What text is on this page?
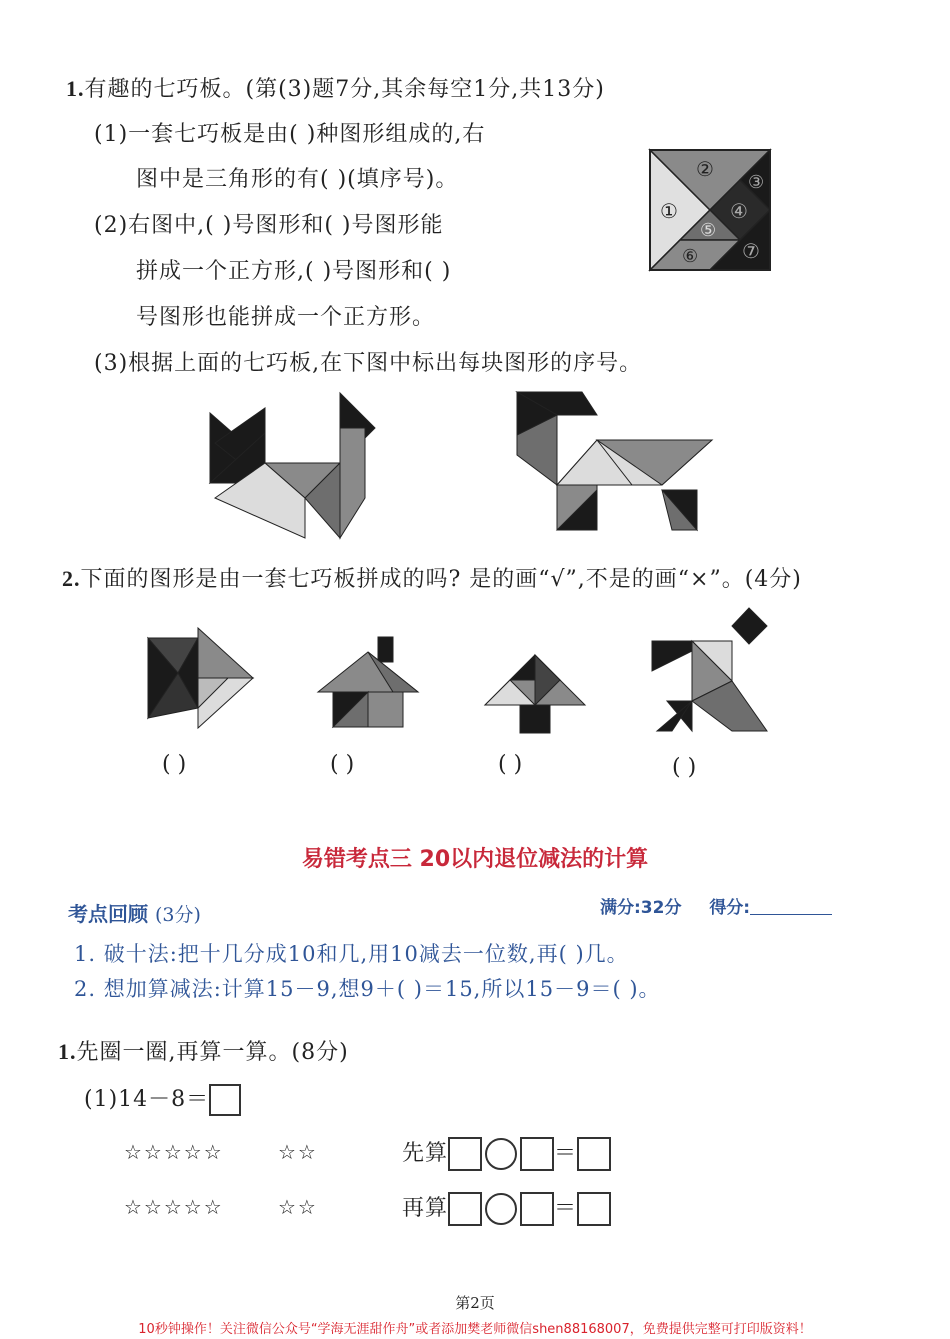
1.有趣的七巧板。(第(3)题7分,其余每空1分,共13分)
(1)一套七巧板是由( )种图形组成的,右
图中是三角形的有( )(填序号)。
(2)右图中,( )号图形和( )号图形能
拼成一个正方形,( )号图形和( )
号图形也能拼成一个正方形。
(3)根据上面的七巧板,在下图中标出每块图形的序号。
①
②
③
④
⑤
⑥ ⑦
2.下面的图形是由一套七巧板拼成的吗? 是的画“√”,不是的画“×”。(4分)
( )	( )	( )	( )
易错考点三 20以内退位减法的计算
考点回顾 (3分)	满分:32分 得分:
1. 破十法:把十几分成10和几,用10减去一位数,再( )几。
2. 想加算减法:计算15－9,想9＋( )＝15,所以15－9＝( )。
1.先圈一圈,再算一算。(8分)
(1)14－8＝
☆☆☆☆☆	☆☆
☆☆☆☆☆	☆☆
先算	＝
再算	＝
第2页
10秒钟操作！关注微信公众号“学海无涯甜作舟”或者添加樊老师微信shen88168007，免费提供完整可打印版资料！
